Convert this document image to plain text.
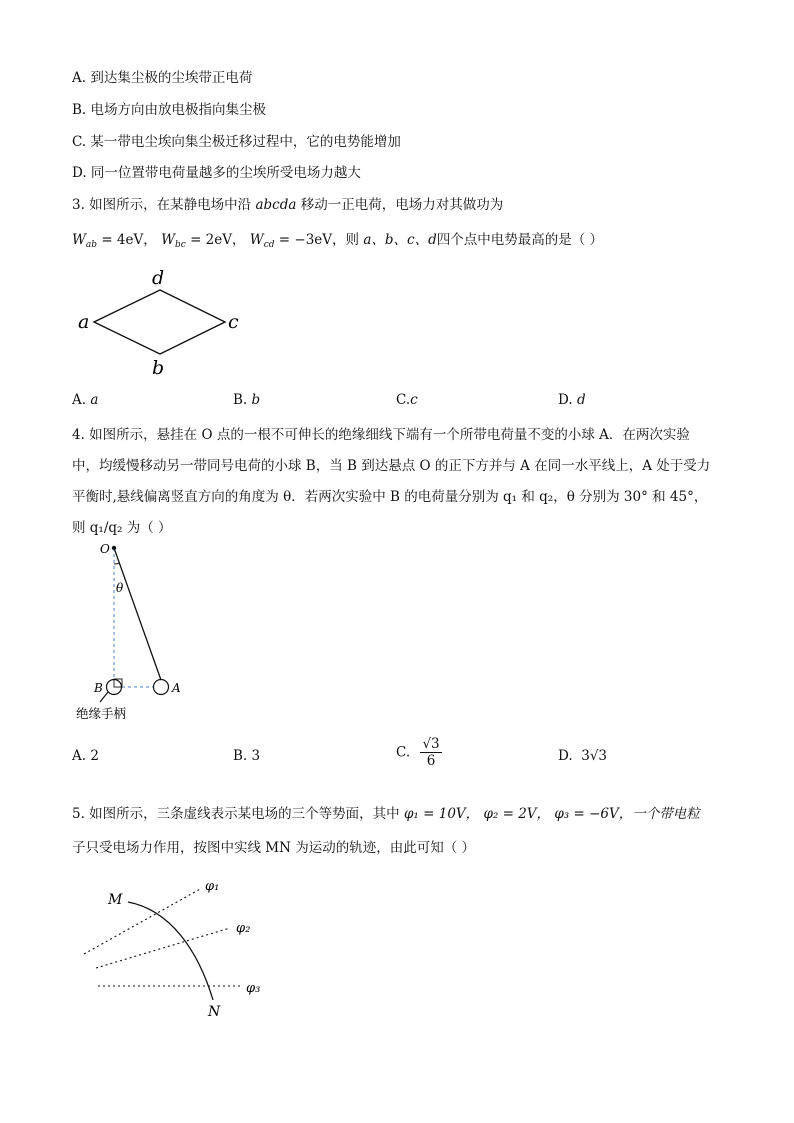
A. 到达集尘极的尘埃带正电荷
B. 电场方向由放电极指向集尘极
C. 某一带电尘埃向集尘极迁移过程中，它的电势能增加
D. 同一位置带电荷量越多的尘埃所受电场力越大
3. 如图所示，在某静电场中沿 abcda 移动一正电荷，电场力对其做功为
$W_{ab} = 4eV$， $W_{bc} = 2eV$， $W_{cd} = -3eV$，则 a、b、c、d四个点中电势最高的是（ ）
a
d
c
b
A. a	B. b	C.c	D. d
4. 如图所示，悬挂在 O 点的一根不可伸长的绝缘细线下端有一个所带电荷量不变的小球 A．在两次实验
中，均缓慢移动另一带同号电荷的小球 B，当 B 到达悬点 O 的正下方并与 A 在同一水平线上，A 处于受力
平衡时,悬线偏离竖直方向的角度为 θ．若两次实验中 B 的电荷量分别为 q₁ 和 q₂，θ 分别为 30° 和 45°，
则 q₁/q₂ 为（ ）
O
θ
B	A
绝缘手柄
A. 2	B. 3	C. $\frac{√3}{6}$	D. 3√3
5. 如图所示，三条虚线表示某电场的三个等势面，其中 φ₁ = 10V， φ₂ = 2V， φ₃ = −6V，一个带电粒
子只受电场力作用，按图中实线 MN 为运动的轨迹，由此可知（ ）
M
N
φ₁
φ₂
φ₃
